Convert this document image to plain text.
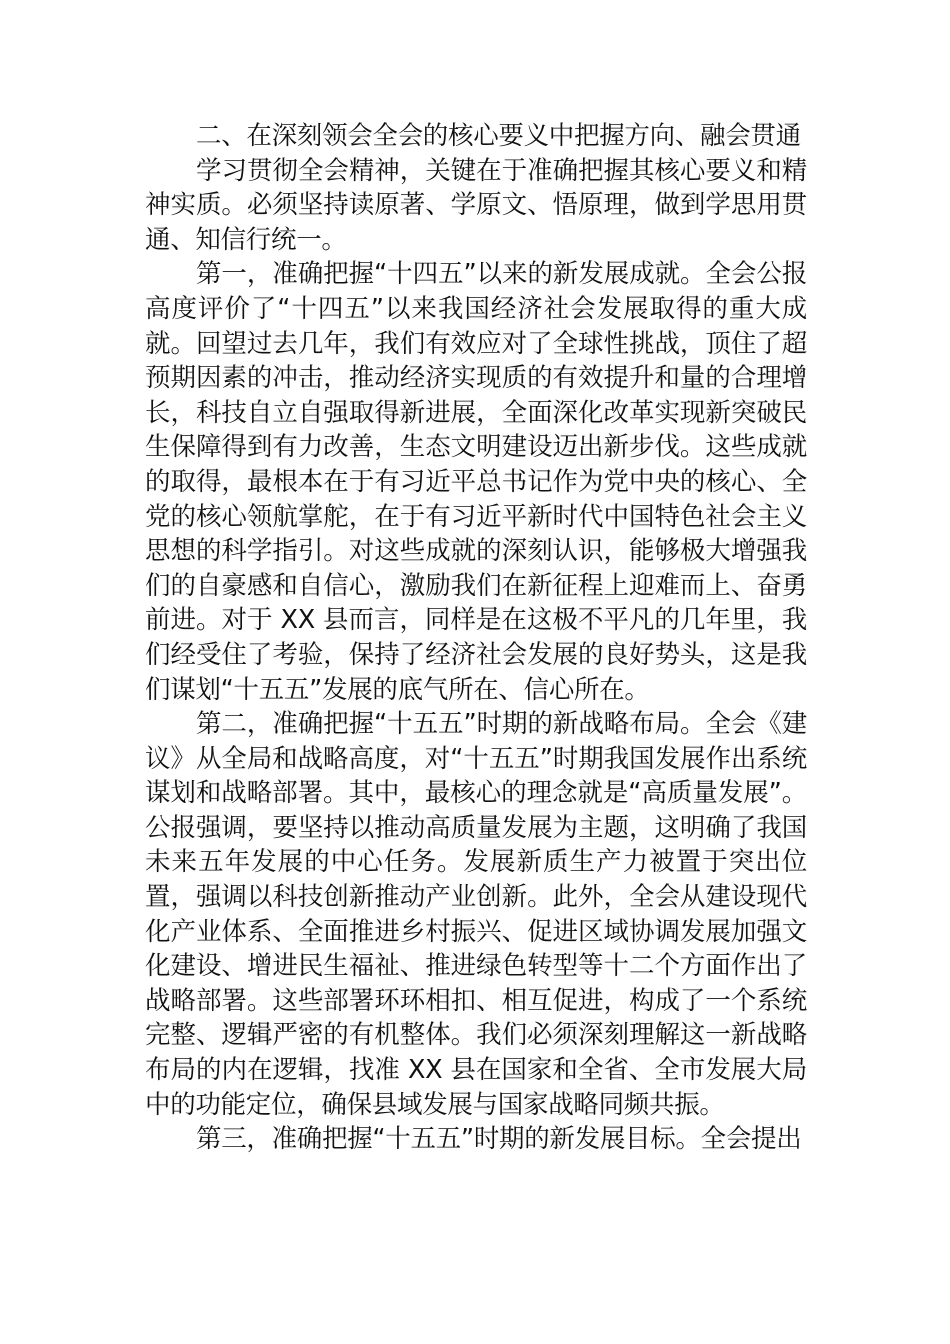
二、在深刻领会全会的核心要义中把握方向、融会贯通

学习贯彻全会精神，关键在于准确把握其核心要义和精神实质。必须坚持读原著、学原文、悟原理，做到学思用贯通、知信行统一。

第一，准确把握“十四五”以来的新发展成就。全会公报高度评价了“十四五”以来我国经济社会发展取得的重大成就。回望过去几年，我们有效应对了全球性挑战，顶住了超预期因素的冲击，推动经济实现质的有效提升和量的合理增长，科技自立自强取得新进展，全面深化改革实现新突破民生保障得到有力改善，生态文明建设迈出新步伐。这些成就的取得，最根本在于有习近平总书记作为党中央的核心、全党的核心领航掌舵，在于有习近平新时代中国特色社会主义思想的科学指引。对这些成就的深刻认识，能够极大增强我们的自豪感和自信心，激励我们在新征程上迎难而上、奋勇前进。对于 XX 县而言，同样是在这极不平凡的几年里，我们经受住了考验，保持了经济社会发展的良好势头，这是我们谋划“十五五”发展的底气所在、信心所在。

第二，准确把握“十五五”时期的新战略布局。全会《建议》从全局和战略高度，对“十五五”时期我国发展作出系统谋划和战略部署。其中，最核心的理念就是“高质量发展”。公报强调，要坚持以推动高质量发展为主题，这明确了我国未来五年发展的中心任务。发展新质生产力被置于突出位置，强调以科技创新推动产业创新。此外，全会从建设现代化产业体系、全面推进乡村振兴、促进区域协调发展加强文化建设、增进民生福祉、推进绿色转型等十二个方面作出了战略部署。这些部署环环相扣、相互促进，构成了一个系统完整、逻辑严密的有机整体。我们必须深刻理解这一新战略布局的内在逻辑，找准 XX 县在国家和全省、全市发展大局中的功能定位，确保县域发展与国家战略同频共振。

第三，准确把握“十五五”时期的新发展目标。全会提出
